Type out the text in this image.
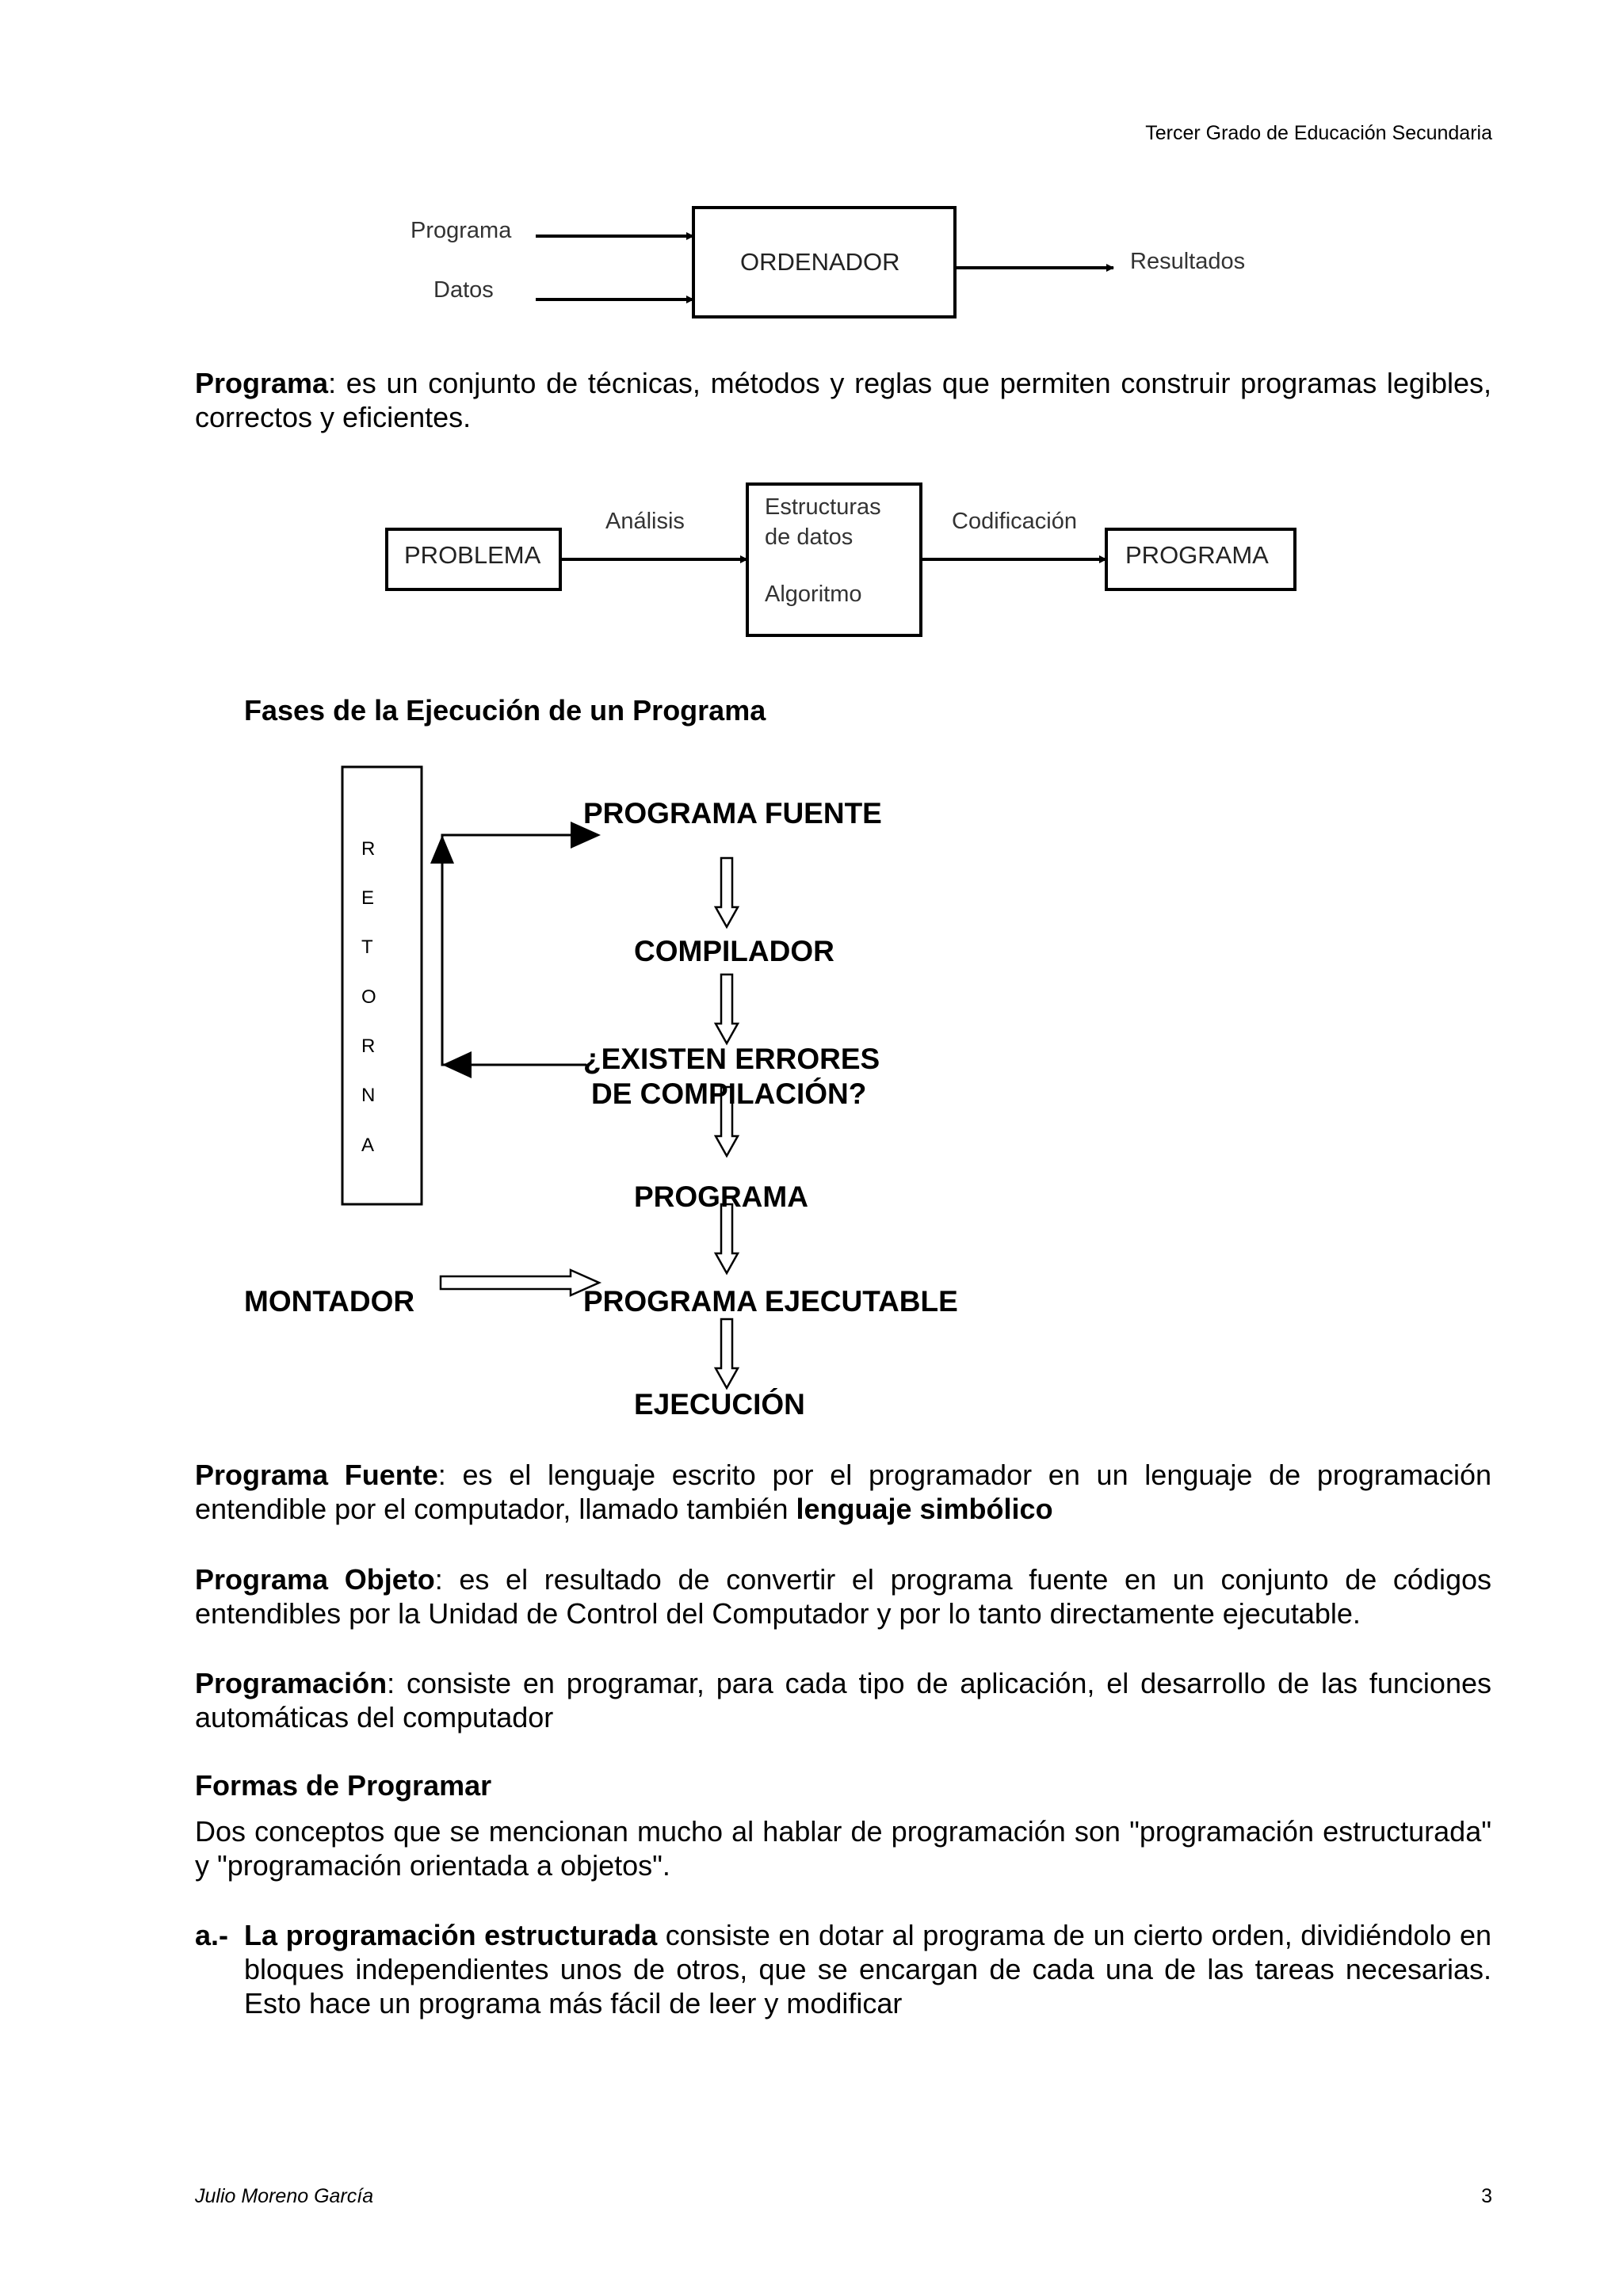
Tercer Grado de Educación Secundaria
Programa
Datos
ORDENADOR	Resultados

Programa: es un conjunto de técnicas, métodos y reglas que permiten construir programas legibles, correctos y eficientes.

PROBLEMA
Análisis
Estructuras
de datos
Algoritmo
Codificación
PROGRAMA
Fases de la Ejecución de un Programa
R
E
T
O
R
N
A
PROGRAMA FUENTE
COMPILADOR
¿EXISTEN ERRORES
DE COMPILACIÓN?
PROGRAMA
MONTADOR	PROGRAMA EJECUTABLE
EJECUCIÓN

Programa Fuente: es el lenguaje escrito por el programador en un lenguaje de programación entendible por el computador, llamado también lenguaje simbólico

Programa Objeto: es el resultado de convertir el programa fuente en un conjunto de códigos entendibles por la Unidad de Control del Computador y por lo tanto directamente ejecutable.

Programación: consiste en programar, para cada tipo de aplicación, el desarrollo de las funciones automáticas del computador

Formas de Programar

Dos conceptos que se mencionan mucho al hablar de programación son "programación estructurada" y "programación orientada a objetos".

a.- La programación estructurada consiste en dotar al programa de un cierto orden, dividiéndolo en bloques independientes unos de otros, que se encargan de cada una de las tareas necesarias. Esto hace un programa más fácil de leer y modificar
Julio Moreno García	3
